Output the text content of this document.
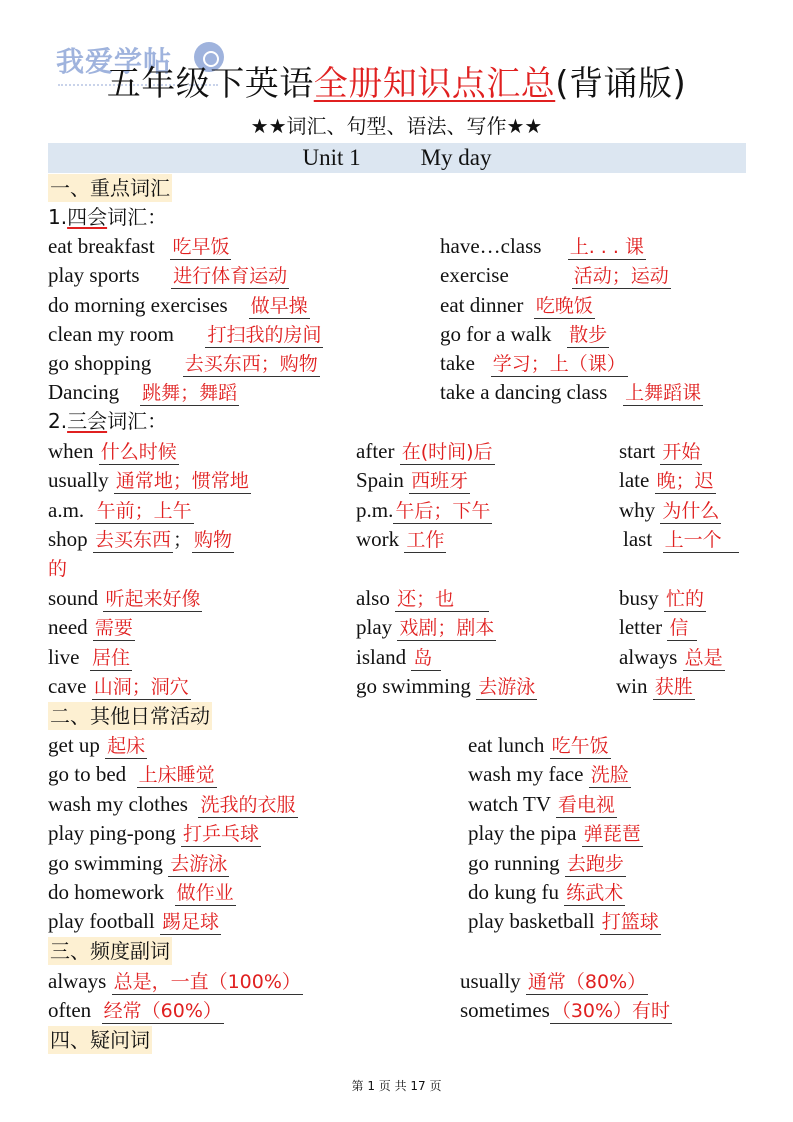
我爱学帖
五年级下英语全册知识点汇总(背诵版)
★★词汇、句型、语法、写作★★
Unit 1	My day
一、重点词汇
1.四会词汇：
eat breakfast 吃早饭	have…class 上. . . 课
play sports 进行体育运动	exercise	活动；运动
do morning exercises 做早操	eat dinner 吃晚饭
clean my room 打扫我的房间	go for a walk 散步
go shopping 去买东西；购物	take 学习；上（课）
Dancing 跳舞；舞蹈	take a dancing class 上舞蹈课
2.三会词汇：
when 什么时候	after 在(时间)后	start 开始
usually 通常地；惯常地	Spain 西班牙	late 晚；迟
a.m. 午前；上午	p.m. 午后；下午	why 为什么
shop 去买东西 ； 购物	work 工作	last 上一个
的
sound 听起来好像	also 还；也	busy 忙的
need 需要	play 戏剧；剧本	letter 信
live 居住	island 岛	always 总是
cave 山洞；洞穴	go swimming 去游泳	win 获胜
二、其他日常活动
get up 起床	eat lunch 吃午饭
go to bed 上床睡觉	wash my face 洗脸
wash my clothes 洗我的衣服	watch TV 看电视
play ping-pong 打乒乓球	play the pipa 弹琵琶
go swimming 去游泳	go running 去跑步
do homework 做作业	do kung fu 练武术
play football 踢足球	play basketball 打篮球
三、频度副词
always 总是，一直（100%）	usually 通常（80%）
often 经常（60%）	sometimes （30%）有时
四、疑问词
第 1 页 共 17 页
